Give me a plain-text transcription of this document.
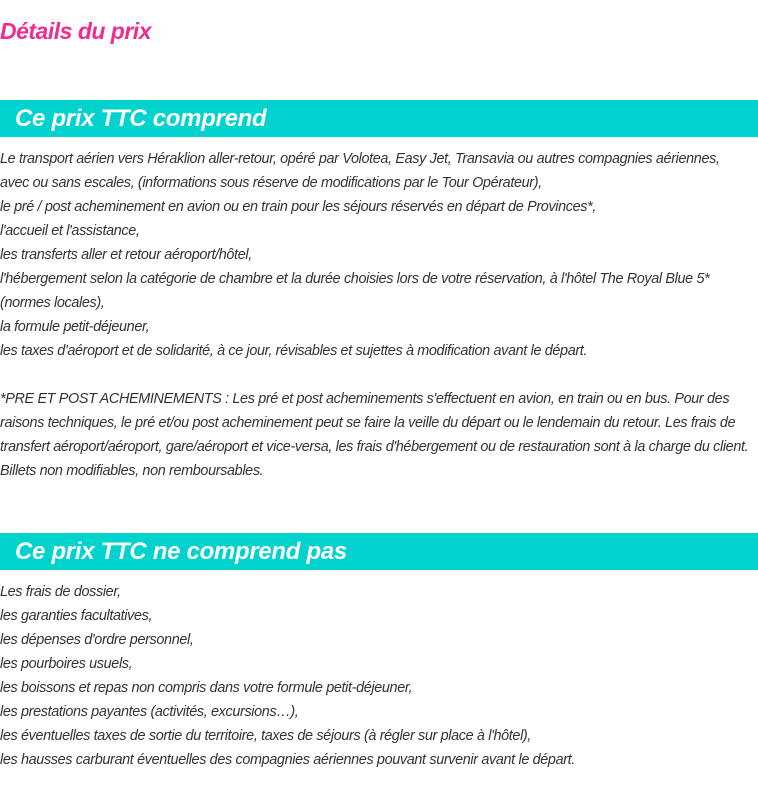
Détails du prix
Ce prix TTC comprend
Le transport aérien vers Héraklion aller-retour, opéré par Volotea, Easy Jet, Transavia ou autres compagnies aériennes,
avec ou sans escales, (informations sous réserve de modifications par le Tour Opérateur),
le pré / post acheminement en avion ou en train pour les séjours réservés en départ de Provinces*,
l'accueil et l'assistance,
les transferts aller et retour aéroport/hôtel,
l'hébergement selon la catégorie de chambre et la durée choisies lors de votre réservation, à l'hôtel The Royal Blue 5*
(normes locales),
la formule petit-déjeuner,
les taxes d'aéroport et de solidarité, à ce jour, révisables et sujettes à modification avant le départ.
*PRE ET POST ACHEMINEMENTS : Les pré et post acheminements s'effectuent en avion, en train ou en bus. Pour des raisons techniques, le pré et/ou post acheminement peut se faire la veille du départ ou le lendemain du retour. Les frais de transfert aéroport/aéroport, gare/aéroport et vice-versa, les frais d'hébergement ou de restauration sont à la charge du client. Billets non modifiables, non remboursables.
Ce prix TTC ne comprend pas
Les frais de dossier,
les garanties facultatives,
les dépenses d'ordre personnel,
les pourboires usuels,
les boissons et repas non compris dans votre formule petit-déjeuner,
les prestations payantes (activités, excursions…),
les éventuelles taxes de sortie du territoire, taxes de séjours (à régler sur place à l'hôtel),
les hausses carburant éventuelles des compagnies aériennes pouvant survenir avant le départ.
